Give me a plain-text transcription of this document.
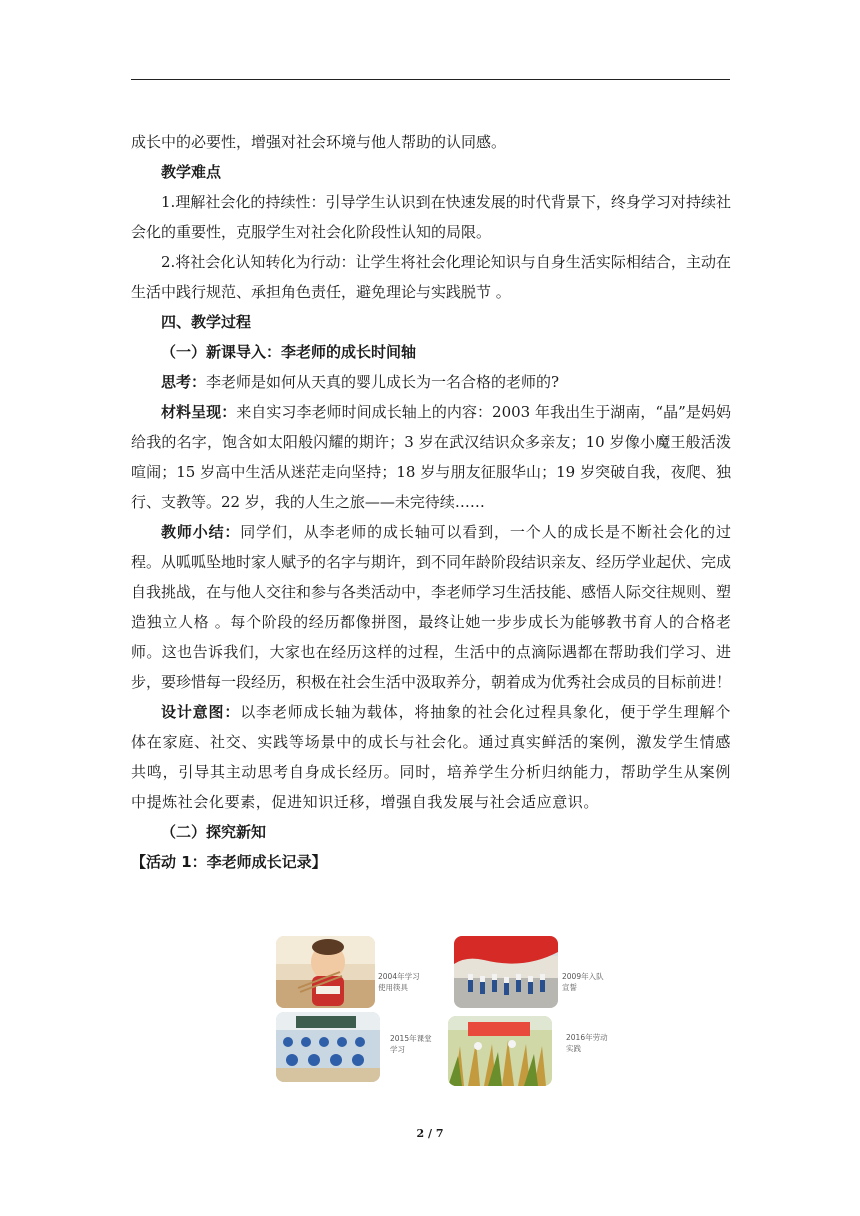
成长中的必要性，增强对社会环境与他人帮助的认同感。

教学难点

1.理解社会化的持续性：引导学生认识到在快速发展的时代背景下，终身学习对持续社会化的重要性，克服学生对社会化阶段性认知的局限。

2.将社会化认知转化为行动：让学生将社会化理论知识与自身生活实际相结合，主动在生活中践行规范、承担角色责任，避免理论与实践脱节 。

四、教学过程

（一）新课导入：李老师的成长时间轴

思考：李老师是如何从天真的婴儿成长为一名合格的老师的?

材料呈现：来自实习李老师时间成长轴上的内容：2003 年我出生于湖南，“晶”是妈妈给我的名字，饱含如太阳般闪耀的期许；3 岁在武汉结识众多亲友；10 岁像小魔王般活泼喧闹；15 岁高中生活从迷茫走向坚持；18 岁与朋友征服华山；19 岁突破自我，夜爬、独行、支教等。22 岁，我的人生之旅——未完待续……

教师小结：同学们，从李老师的成长轴可以看到，一个人的成长是不断社会化的过程。从呱呱坠地时家人赋予的名字与期许，到不同年龄阶段结识亲友、经历学业起伏、完成自我挑战，在与他人交往和参与各类活动中，李老师学习生活技能、感悟人际交往规则、塑造独立人格 。每个阶段的经历都像拼图，最终让她一步步成长为能够教书育人的合格老师。这也告诉我们，大家也在经历这样的过程，生活中的点滴际遇都在帮助我们学习、进步，要珍惜每一段经历，积极在社会生活中汲取养分，朝着成为优秀社会成员的目标前进！

设计意图：以李老师成长轴为载体，将抽象的社会化过程具象化，便于学生理解个体在家庭、社交、实践等场景中的成长与社会化。通过真实鲜活的案例，激发学生情感共鸣，引导其主动思考自身成长经历。同时，培养学生分析归纳能力，帮助学生从案例中提炼社会化要素，促进知识迁移，增强自我发展与社会适应意识。

（二）探究新知

【活动 1：李老师成长记录】

2004年学习使用筷具
2009年入队宣誓
2015年课堂学习
2016年劳动实践
2 / 7
